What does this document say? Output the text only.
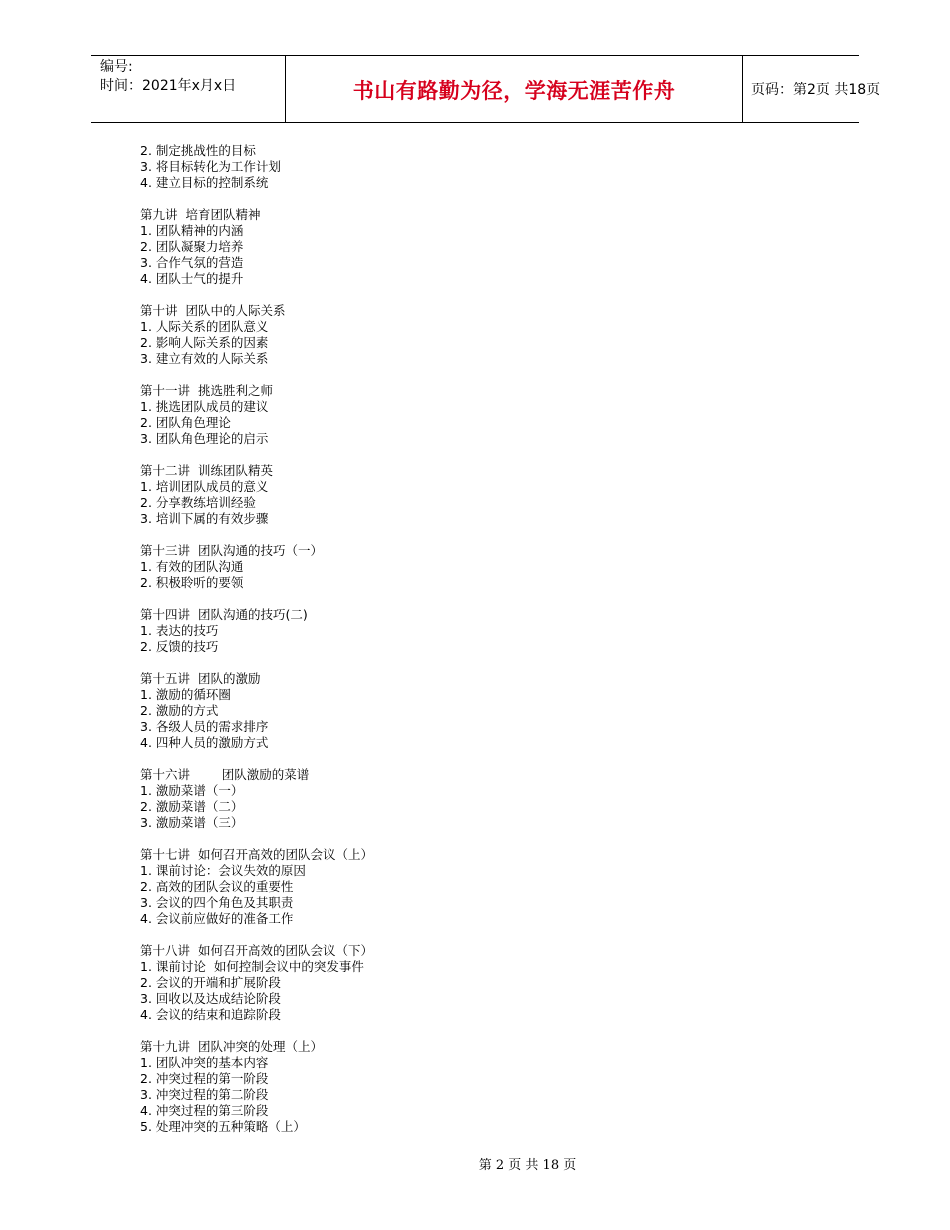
编号:
时间：2021年x月x日	书山有路勤为径，学海无涯苦作舟	页码：第2页 共18页
2. 制定挑战性的目标
3. 将目标转化为工作计划
4. 建立目标的控制系统
第九讲  培育团队精神
1. 团队精神的内涵
2. 团队凝聚力培养
3. 合作气氛的营造
4. 团队士气的提升
第十讲  团队中的人际关系
1. 人际关系的团队意义
2. 影响人际关系的因素
3. 建立有效的人际关系
第十一讲  挑选胜利之师
1. 挑选团队成员的建议
2. 团队角色理论
3. 团队角色理论的启示
第十二讲  训练团队精英
1. 培训团队成员的意义
2. 分享教练培训经验
3. 培训下属的有效步骤
第十三讲  团队沟通的技巧（一）
1. 有效的团队沟通
2. 积极聆听的要领
第十四讲  团队沟通的技巧(二)
1. 表达的技巧
2. 反馈的技巧
第十五讲  团队的激励
1. 激励的循环圈
2. 激励的方式
3. 各级人员的需求排序
4. 四种人员的激励方式
第十六讲        团队激励的菜谱
1. 激励菜谱（一）
2. 激励菜谱（二）
3. 激励菜谱（三）
第十七讲  如何召开高效的团队会议（上）
1. 课前讨论：会议失效的原因
2. 高效的团队会议的重要性
3. 会议的四个角色及其职责
4. 会议前应做好的准备工作
第十八讲  如何召开高效的团队会议（下）
1. 课前讨论  如何控制会议中的突发事件
2. 会议的开端和扩展阶段
3. 回收以及达成结论阶段
4. 会议的结束和追踪阶段
第十九讲  团队冲突的处理（上）
1. 团队冲突的基本内容
2. 冲突过程的第一阶段
3. 冲突过程的第二阶段
4. 冲突过程的第三阶段
5. 处理冲突的五种策略（上）
第 2 页 共 18 页
